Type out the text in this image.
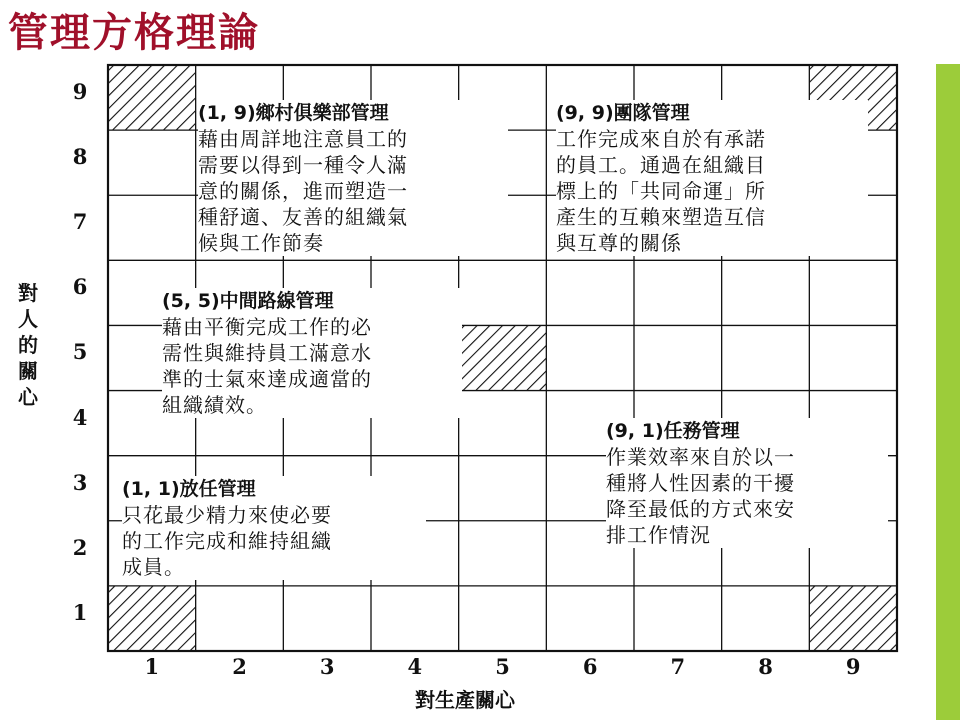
管理方格理論
1
2
3
4
5
6
7
8
9
1	2	3	4	5	6	7	8	9
對
人
的
關
心
對生產關心
(1, 9)鄉村俱樂部管理
藉由周詳地注意員工的
需要以得到一種令人滿
意的關係，進而塑造一
種舒適、友善的組織氣
候與工作節奏
(9, 9)團隊管理
工作完成來自於有承諾
的員工。通過在組織目
標上的「共同命運」所
產生的互賴來塑造互信
與互尊的關係
(5, 5)中間路線管理
藉由平衡完成工作的必
需性與維持員工滿意水
準的士氣來達成適當的
組織績效。
(9, 1)任務管理
作業效率來自於以一
種將人性因素的干擾
降至最低的方式來安
排工作情況
(1, 1)放任管理
只花最少精力來使必要
的工作完成和維持組織
成員。
